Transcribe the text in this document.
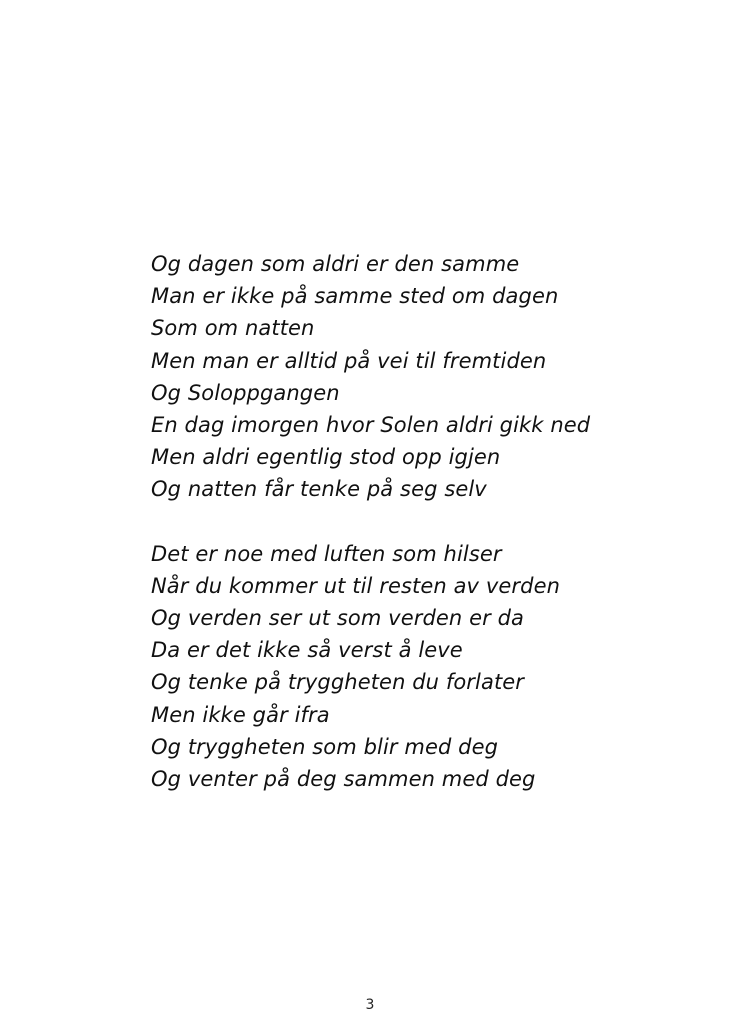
Og dagen som aldri er den samme
Man er ikke på samme sted om dagen
Som om natten
Men man er alltid på vei til fremtiden
Og Soloppgangen
En dag imorgen hvor Solen aldri gikk ned
Men aldri egentlig stod opp igjen
Og natten får tenke på seg selv
Det er noe med luften som hilser
Når du kommer ut til resten av verden
Og verden ser ut som verden er da
Da er det ikke så verst å leve
Og tenke på tryggheten du forlater
Men ikke går ifra
Og tryggheten som blir med deg
Og venter på deg sammen med deg
3
